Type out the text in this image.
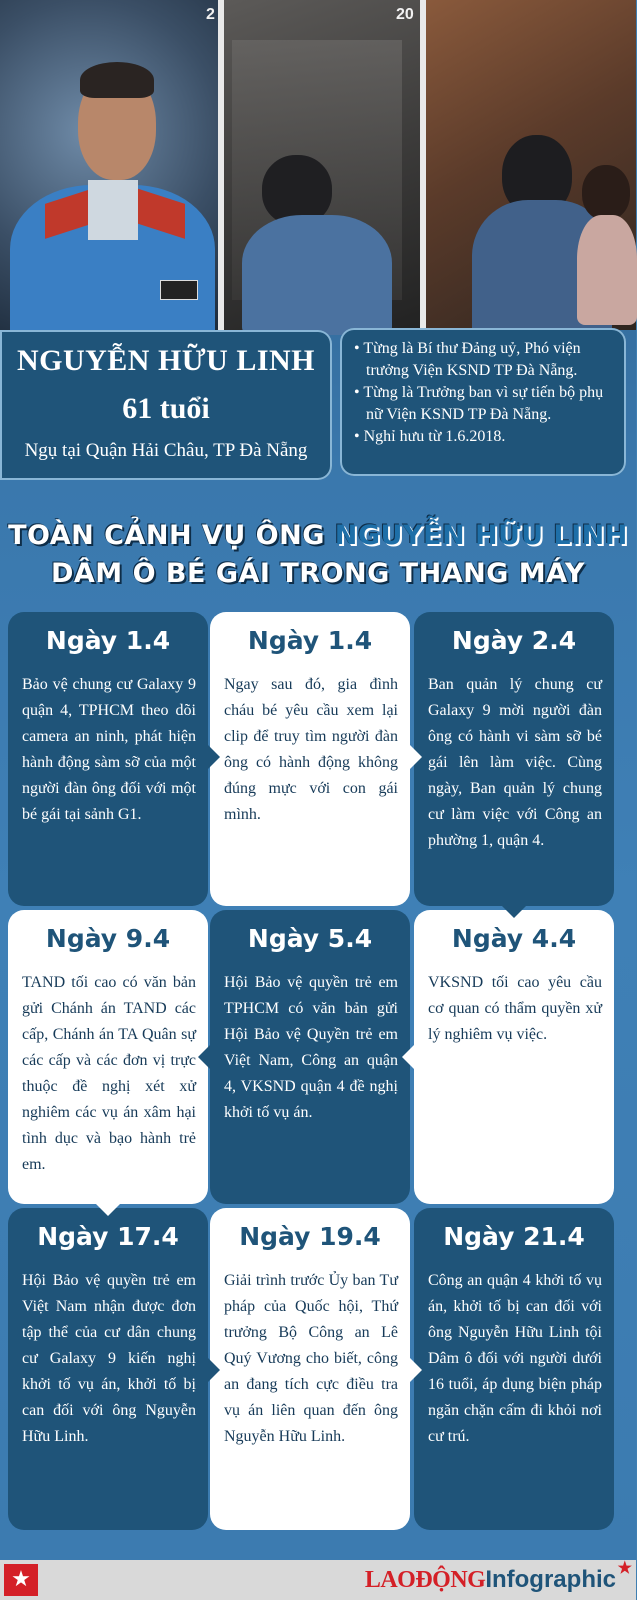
2	20
NGUYỄN HỮU LINH
61 tuổi
Ngụ tại Quận Hải Châu, TP Đà Nẵng
• Từng là Bí thư Đảng uỷ, Phó viện trưởng Viện KSND TP Đà Nẵng.
• Từng là Trưởng ban vì sự tiến bộ phụ nữ Viện KSND TP Đà Nẵng.
• Nghỉ hưu từ 1.6.2018.
TOÀN CẢNH VỤ ÔNG NGUYỄN HỮU LINH
DÂM Ô BÉ GÁI TRONG THANG MÁY
Ngày 1.4
Bảo vệ chung cư Galaxy 9 quận 4, TPHCM theo dõi camera an ninh, phát hiện hành động sàm sỡ của một người đàn ông đối với một bé gái tại sảnh G1.
Ngày 1.4
Ngay sau đó, gia đình cháu bé yêu cầu xem lại clip để truy tìm người đàn ông có hành động không đúng mực với con gái mình.
Ngày 2.4
Ban quản lý chung cư Galaxy 9 mời người đàn ông có hành vi sàm sỡ bé gái lên làm việc. Cùng ngày, Ban quản lý chung cư làm việc với Công an phường 1, quận 4.
Ngày 9.4
TAND tối cao có văn bản gửi Chánh án TAND các cấp, Chánh án TA Quân sự các cấp và các đơn vị trực thuộc đề nghị xét xử nghiêm các vụ án xâm hại tình dục và bạo hành trẻ em.
Ngày 5.4
Hội Bảo vệ quyền trẻ em TPHCM có văn bản gửi Hội Bảo vệ Quyền trẻ em Việt Nam, Công an quận 4, VKSND quận 4 đề nghị khởi tố vụ án.
Ngày 4.4
VKSND tối cao yêu cầu cơ quan có thẩm quyền xử lý nghiêm vụ việc.
Ngày 17.4
Hội Bảo vệ quyền trẻ em Việt Nam nhận được đơn tập thể của cư dân chung cư Galaxy 9 kiến nghị khởi tố vụ án, khởi tố bị can đối với ông Nguyễn Hữu Linh.
Ngày 19.4
Giải trình trước Ủy ban Tư pháp của Quốc hội, Thứ trưởng Bộ Công an Lê Quý Vương cho biết, công an đang tích cực điều tra vụ án liên quan đến ông Nguyễn Hữu Linh.
Ngày 21.4
Công an quận 4 khởi tố vụ án, khởi tố bị can đối với ông Nguyễn Hữu Linh tội Dâm ô đối với người dưới 16 tuổi, áp dụng biện pháp ngăn chặn cấm đi khỏi nơi cư trú.
★	LAOĐỘNGInfographic ★
